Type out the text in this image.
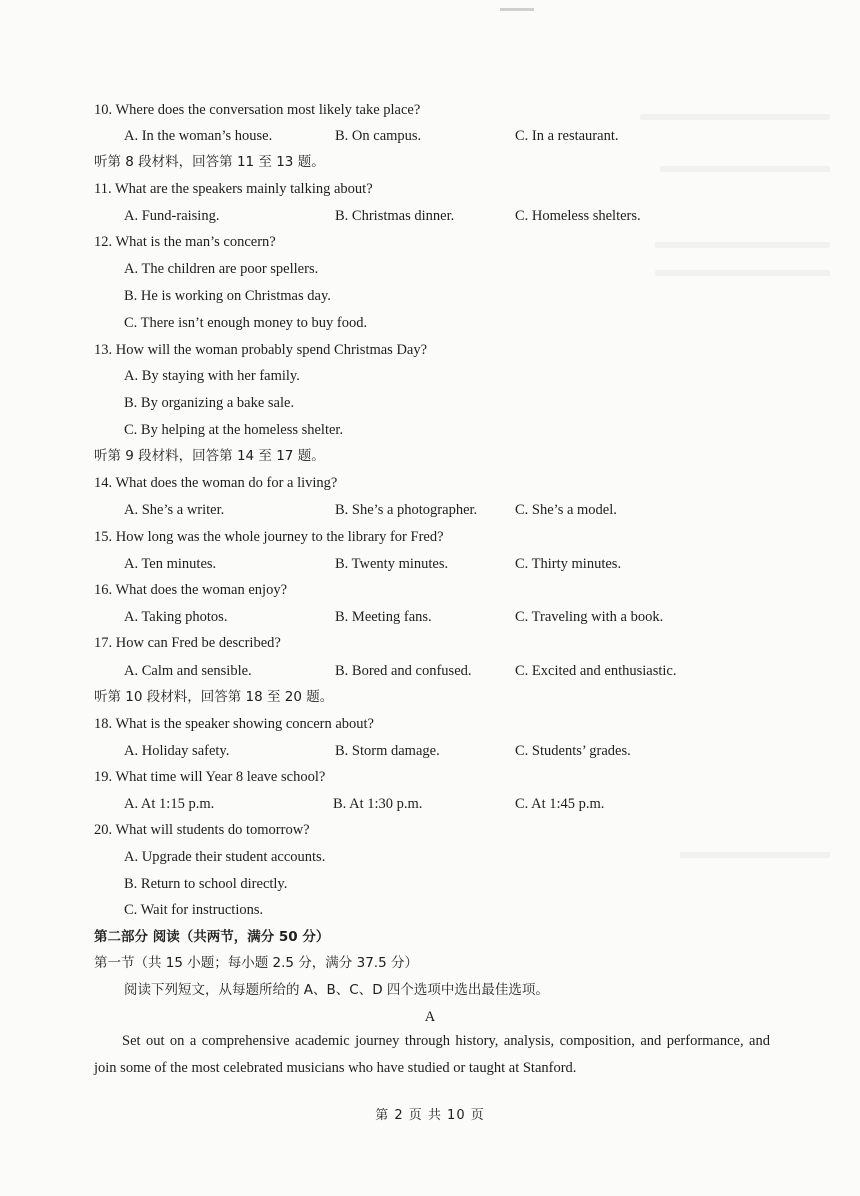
10. Where does the conversation most likely take place?
A. In the woman’s house.	B. On campus.	C. In a restaurant.
听第 8 段材料，回答第 11 至 13 题。
11. What are the speakers mainly talking about?
A. Fund-raising.	B. Christmas dinner.	C. Homeless shelters.
12. What is the man’s concern?
A. The children are poor spellers.
B. He is working on Christmas day.
C. There isn’t enough money to buy food.
13. How will the woman probably spend Christmas Day?
A. By staying with her family.
B. By organizing a bake sale.
C. By helping at the homeless shelter.
听第 9 段材料，回答第 14 至 17 题。
14. What does the woman do for a living?
A. She’s a writer.	B. She’s a photographer.	C. She’s a model.
15. How long was the whole journey to the library for Fred?
A. Ten minutes.	B. Twenty minutes.	C. Thirty minutes.
16. What does the woman enjoy?
A. Taking photos.	B. Meeting fans.	C. Traveling with a book.
17. How can Fred be described?
A. Calm and sensible.	B. Bored and confused.	C. Excited and enthusiastic.
听第 10 段材料，回答第 18 至 20 题。
18. What is the speaker showing concern about?
A. Holiday safety.	B. Storm damage.	C. Students’ grades.
19. What time will Year 8 leave school?
A. At 1:15 p.m.	B. At 1:30 p.m.	C. At 1:45 p.m.
20. What will students do tomorrow?
A. Upgrade their student accounts.
B. Return to school directly.
C. Wait for instructions.
第二部分 阅读（共两节，满分 50 分）
第一节（共 15 小题；每小题 2.5 分，满分 37.5 分）
阅读下列短文，从每题所给的 A、B、C、D 四个选项中选出最佳选项。
A
Set out on a comprehensive academic journey through history, analysis, composition, and performance, and join some of the most celebrated musicians who have studied or taught at Stanford.
第 2 页 共 10 页
